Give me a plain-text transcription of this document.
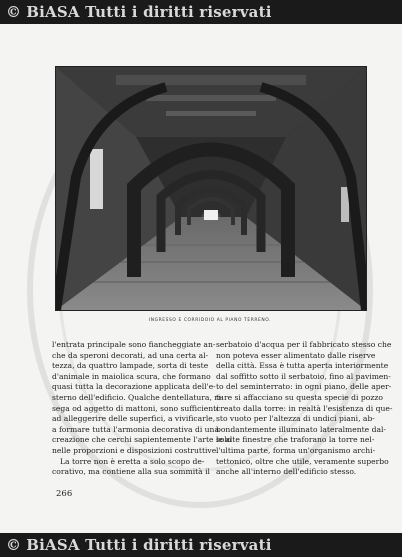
© BiASA Tutti i diritti riservati
INGRESSO E CORRIDOIO AL PIANO TERRENO.
l'entrata principale sono fiancheggiate an-
che da speroni decorati, ad una certa al-
tezza, da quattro lampade, sorta di teste
d'animale in maiolica scura, che formano
quasi tutta la decorazione applicata dell'e-
sterno dell'edificio. Qualche dentellatura, ri-
sega od aggetto di mattoni, sono sufficienti
ad alleggerire delle superfici, a vivificarle,
a formare tutta l'armonia decorativa di una
creazione che cerchi sapientemente l'arte solo
nelle proporzioni e disposizioni costruttive.
La torre non è eretta a solo scopo de-
corativo, ma contiene alla sua sommità il
serbatoio d'acqua per il fabbricato stesso che
non poteva esser alimentato dalle riserve
della città. Essa è tutta aperta interiormente
dal soffitto sotto il serbatoio, fino al pavimen-
to del seminterrato: in ogni piano, delle aper-
ture si affacciano su questa specie di pozzo
creato dalla torre: in realtà l'esistenza di que-
sto vuoto per l'altezza di undici piani, ab-
bondantemente illuminato lateralmente dal-
le alte finestre che traforano la torre nel-
l'ultima parte, forma un'organismo archi-
tettonico, oltre che utile, veramente superbo
anche all'interno dell'edificio stesso.
266
© BiASA Tutti i diritti riservati
